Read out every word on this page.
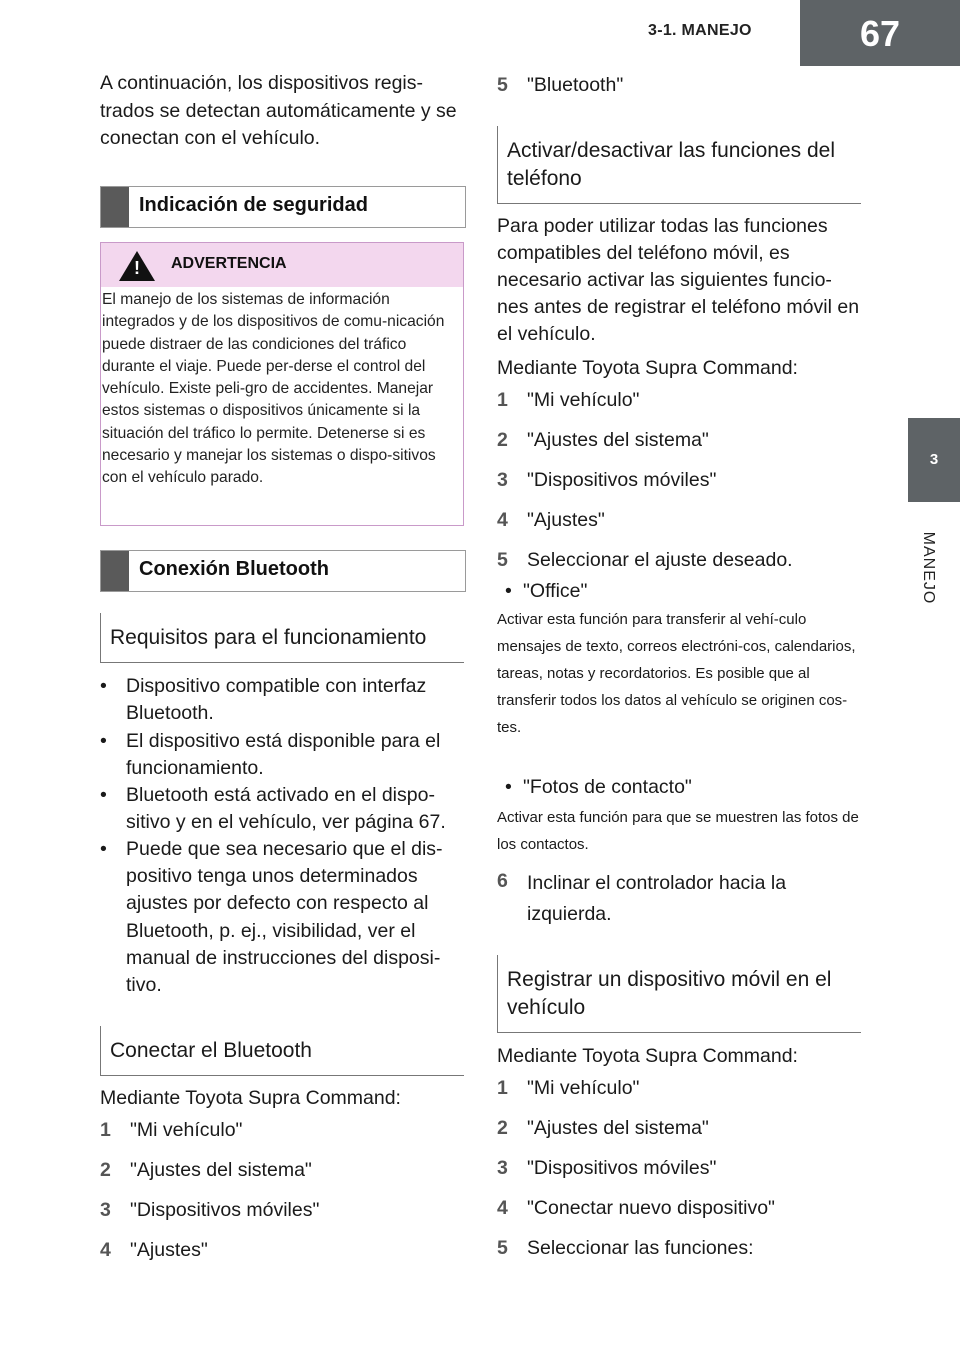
3-1. MANEJO	67
3
MANEJO

A continuación, los dispositivos regis-trados se detectan automáticamente y se conectan con el vehículo.

Indicación de seguridad
! ADVERTENCIA
El manejo de los sistemas de información integrados y de los dispositivos de comu-nicación puede distraer de las condiciones del tráfico durante el viaje. Puede per-derse el control del vehículo. Existe peli-gro de accidentes. Manejar estos sistemas o dispositivos únicamente si la situación del tráfico lo permite. Detenerse si es necesario y manejar los sistemas o dispo-sitivos con el vehículo parado.
Conexión Bluetooth
Requisitos para el funcionamiento
• Dispositivo compatible con interfaz Bluetooth.
• El dispositivo está disponible para el funcionamiento.
• Bluetooth está activado en el dispo-sitivo y en el vehículo, ver página 67.
• Puede que sea necesario que el dis-positivo tenga unos determinados ajustes por defecto con respecto al Bluetooth, p. ej., visibilidad, ver el manual de instrucciones del disposi-tivo.
Conectar el Bluetooth

Mediante Toyota Supra Command:

1 "Mi vehículo"
2 "Ajustes del sistema"
3 "Dispositivos móviles"
4 "Ajustes"
5 "Bluetooth"
Activar/desactivar las funciones del teléfono

Para poder utilizar todas las funciones compatibles del teléfono móvil, es necesario activar las siguientes funcio-nes antes de registrar el teléfono móvil en el vehículo.

Mediante Toyota Supra Command:

1 "Mi vehículo"
2 "Ajustes del sistema"
3 "Dispositivos móviles"
4 "Ajustes"
5 Seleccionar el ajuste deseado.
• "Office"

Activar esta función para transferir al vehí-culo mensajes de texto, correos electróni-cos, calendarios, tareas, notas y recordatorios. Es posible que al transferir todos los datos al vehículo se originen cos-tes.

• "Fotos de contacto"

Activar esta función para que se muestren las fotos de los contactos.

6 Inclinar el controlador hacia la izquierda.
Registrar un dispositivo móvil en el vehículo

Mediante Toyota Supra Command:

1 "Mi vehículo"
2 "Ajustes del sistema"
3 "Dispositivos móviles"
4 "Conectar nuevo dispositivo"
5 Seleccionar las funciones:
